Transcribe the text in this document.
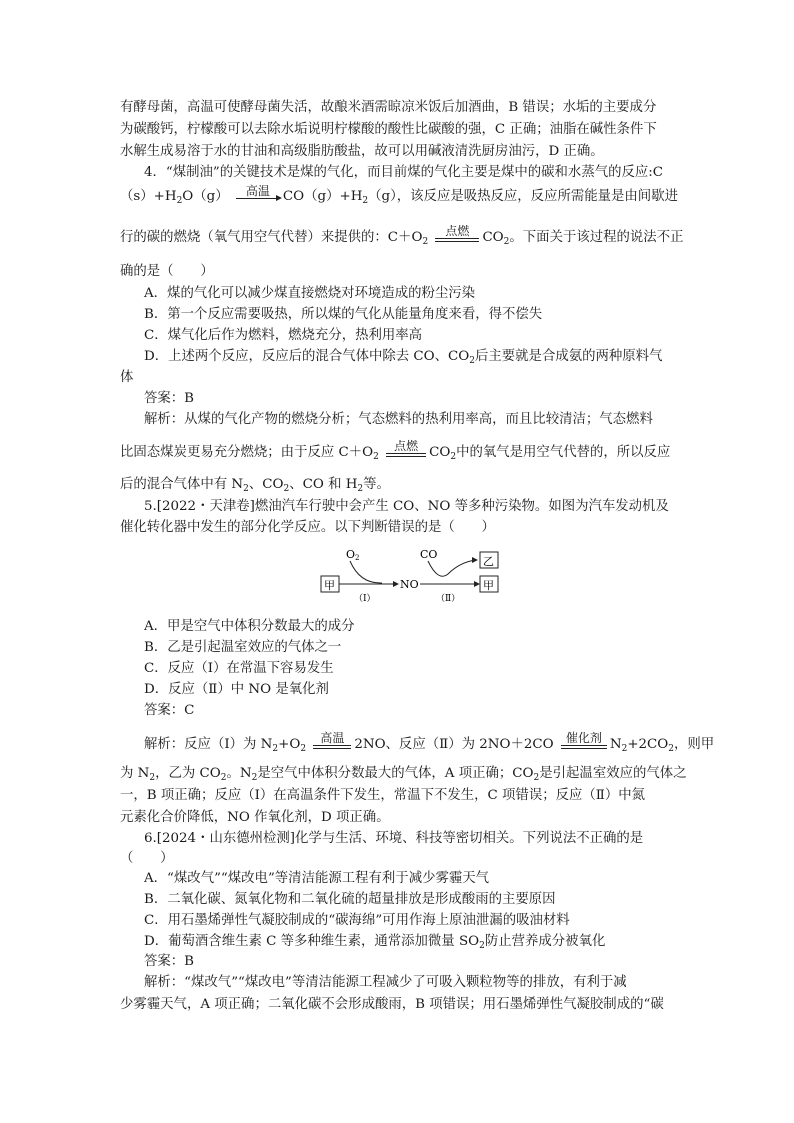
有酵母菌，高温可使酵母菌失活，故酿米酒需晾凉米饭后加酒曲，B 错误；水垢的主要成分
为碳酸钙，柠檬酸可以去除水垢说明柠檬酸的酸性比碳酸的强，C 正确；油脂在碱性条件下
水解生成易溶于水的甘油和高级脂肪酸盐，故可以用碱液清洗厨房油污，D 正确。
4．“煤制油”的关键技术是煤的气化，而目前煤的气化主要是煤中的碳和水蒸气的反应:C
$(s)+H_2O(g)$	高温 $CO(g)+H_2(g)$，该反应是吸热反应，反应所需能量是由间歇进
行的碳的燃烧（氧气用空气代替）来提供的：$C+O_2$
点燃 $CO_2$。下面关于该过程的说法不正
确的是（　　）
A．煤的气化可以减少煤直接燃烧对环境造成的粉尘污染
B．第一个反应需要吸热，所以煤的气化从能量角度来看，得不偿失
C．煤气化后作为燃料，燃烧充分，热利用率高
D．上述两个反应，反应后的混合气体中除去 CO、$CO_2$后主要就是合成氨的两种原料气
体
答案：B
解析：从煤的气化产物的燃烧分析；气态燃料的热利用率高，而且比较清洁；气态燃料
比固态煤炭更易充分燃烧；由于反应 $C+O_2$
点燃 $CO_2$中的氧气是用空气代替的，所以反应
后的混合气体中有 $N_2$、$CO_2$、CO 和 $H_2$等。
5.[2022・天津卷]燃油汽车行驶中会产生 CO、NO 等多种污染物。如图为汽车发动机及
催化转化器中发生的部分化学反应。以下判断错误的是（　　）
O2	CO
甲	NO
乙
甲
（Ⅰ）	（Ⅱ）
A．甲是空气中体积分数最大的成分
B．乙是引起温室效应的气体之一
C．反应（Ⅰ）在常温下容易发生
D．反应（Ⅱ）中 NO 是氧化剂
答案：C
解析：反应（Ⅰ）为 $N_2+O_2$
高温 2NO、反应（Ⅱ）为 2NO＋2CO	催化剂 $N_2+2CO_2$，则甲
为 $N_2$，乙为 $CO_2$。$N_2$是空气中体积分数最大的气体，A 项正确；$CO_2$是引起温室效应的气体之
一，B 项正确；反应（Ⅰ）在高温条件下发生，常温下不发生，C 项错误；反应（Ⅱ）中氮
元素化合价降低，NO 作氧化剂，D 项正确。
6.[2024・山东德州检测]化学与生活、环境、科技等密切相关。下列说法不正确的是
（　　）
A．“煤改气”“煤改电”等清洁能源工程有利于减少雾霾天气
B．二氧化碳、氮氧化物和二氧化硫的超量排放是形成酸雨的主要原因
C．用石墨烯弹性气凝胶制成的“碳海绵”可用作海上原油泄漏的吸油材料
D．葡萄酒含维生素 C 等多种维生素，通常添加微量 $SO_2$防止营养成分被氧化
答案：B
解析：“煤改气”“煤改电”等清洁能源工程减少了可吸入颗粒物等的排放，有利于减
少雾霾天气，A 项正确；二氧化碳不会形成酸雨，B 项错误；用石墨烯弹性气凝胶制成的“碳
